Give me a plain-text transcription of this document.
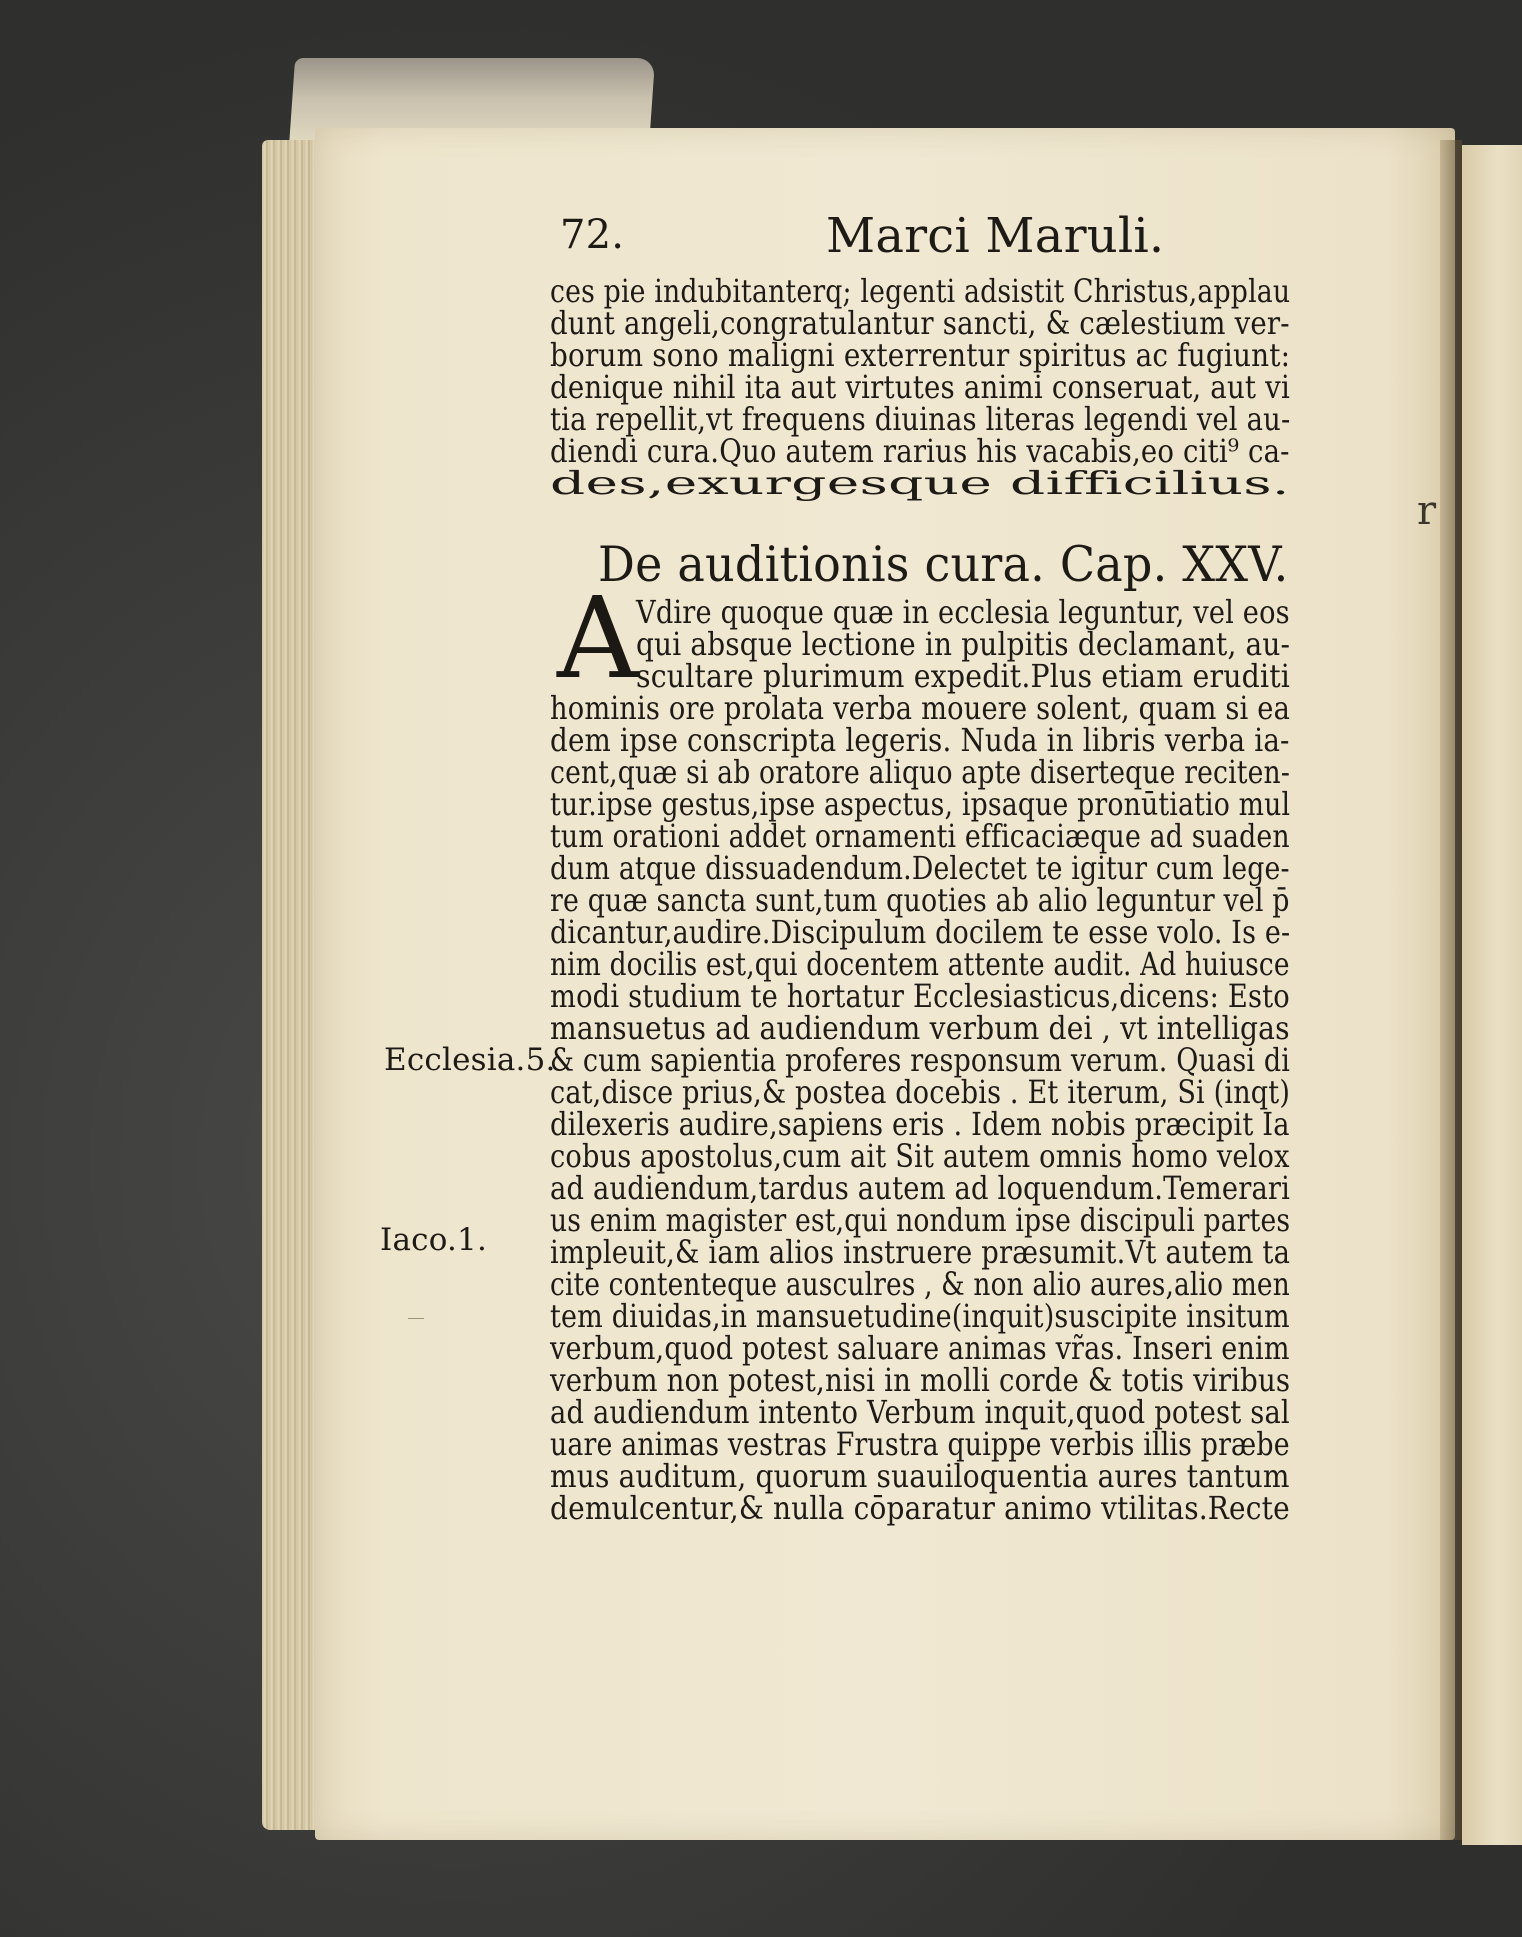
r
72.	Marci Maruli.
ces pie indubitanterq; legenti adsistit Christus,applau
dunt angeli,congratulantur sancti, & cælestium ver-
borum sono maligni exterrentur spiritus ac fugiunt:
denique nihil ita aut virtutes animi conseruat, aut vi
tia repellit,vt frequens diuinas literas legendi vel au-
diendi cura.Quo autem rarius his vacabis,eo citi⁹ ca-
des,exurgesque difficilius.
De auditionis cura. Cap. XXV.
A
Vdire quoque quæ in ecclesia leguntur, vel eos
qui absque lectione in pulpitis declamant, au-
scultare plurimum expedit.Plus etiam eruditi
hominis ore prolata verba mouere solent, quam si ea
dem ipse conscripta legeris. Nuda in libris verba ia-
cent,quæ si ab oratore aliquo apte diserteque reciten-
tur.ipse gestus,ipse aspectus, ipsaque pronūtiatio mul
tum orationi addet ornamenti efficaciæque ad suaden
dum atque dissuadendum.Delectet te igitur cum lege-
re quæ sancta sunt,tum quoties ab alio leguntur vel p̄
dicantur,audire.Discipulum docilem te esse volo. Is e-
nim docilis est,qui docentem attente audit. Ad huiusce
modi studium te hortatur Ecclesiasticus,dicens: Esto
mansuetus ad audiendum verbum dei , vt intelligas
& cum sapientia proferes responsum verum. Quasi di
cat,disce prius,& postea docebis . Et iterum, Si (inqt)
dilexeris audire,sapiens eris . Idem nobis præcipit Ia
cobus apostolus,cum ait Sit autem omnis homo velox
ad audiendum,tardus autem ad loquendum.Temerari
us enim magister est,qui nondum ipse discipuli partes
impleuit,& iam alios instruere præsumit.Vt autem ta
cite contenteque ausculres , & non alio aures,alio men
tem diuidas,in mansuetudine(inquit)suscipite insitum
verbum,quod potest saluare animas vr̃as. Inseri enim
verbum non potest,nisi in molli corde & totis viribus
ad audiendum intento Verbum inquit,quod potest sal
uare animas vestras Frustra quippe verbis illis præbe
mus auditum, quorum suauiloquentia aures tantum
demulcentur,& nulla cōparatur animo vtilitas.Recte
Ecclesia.5.
Iaco.1.
